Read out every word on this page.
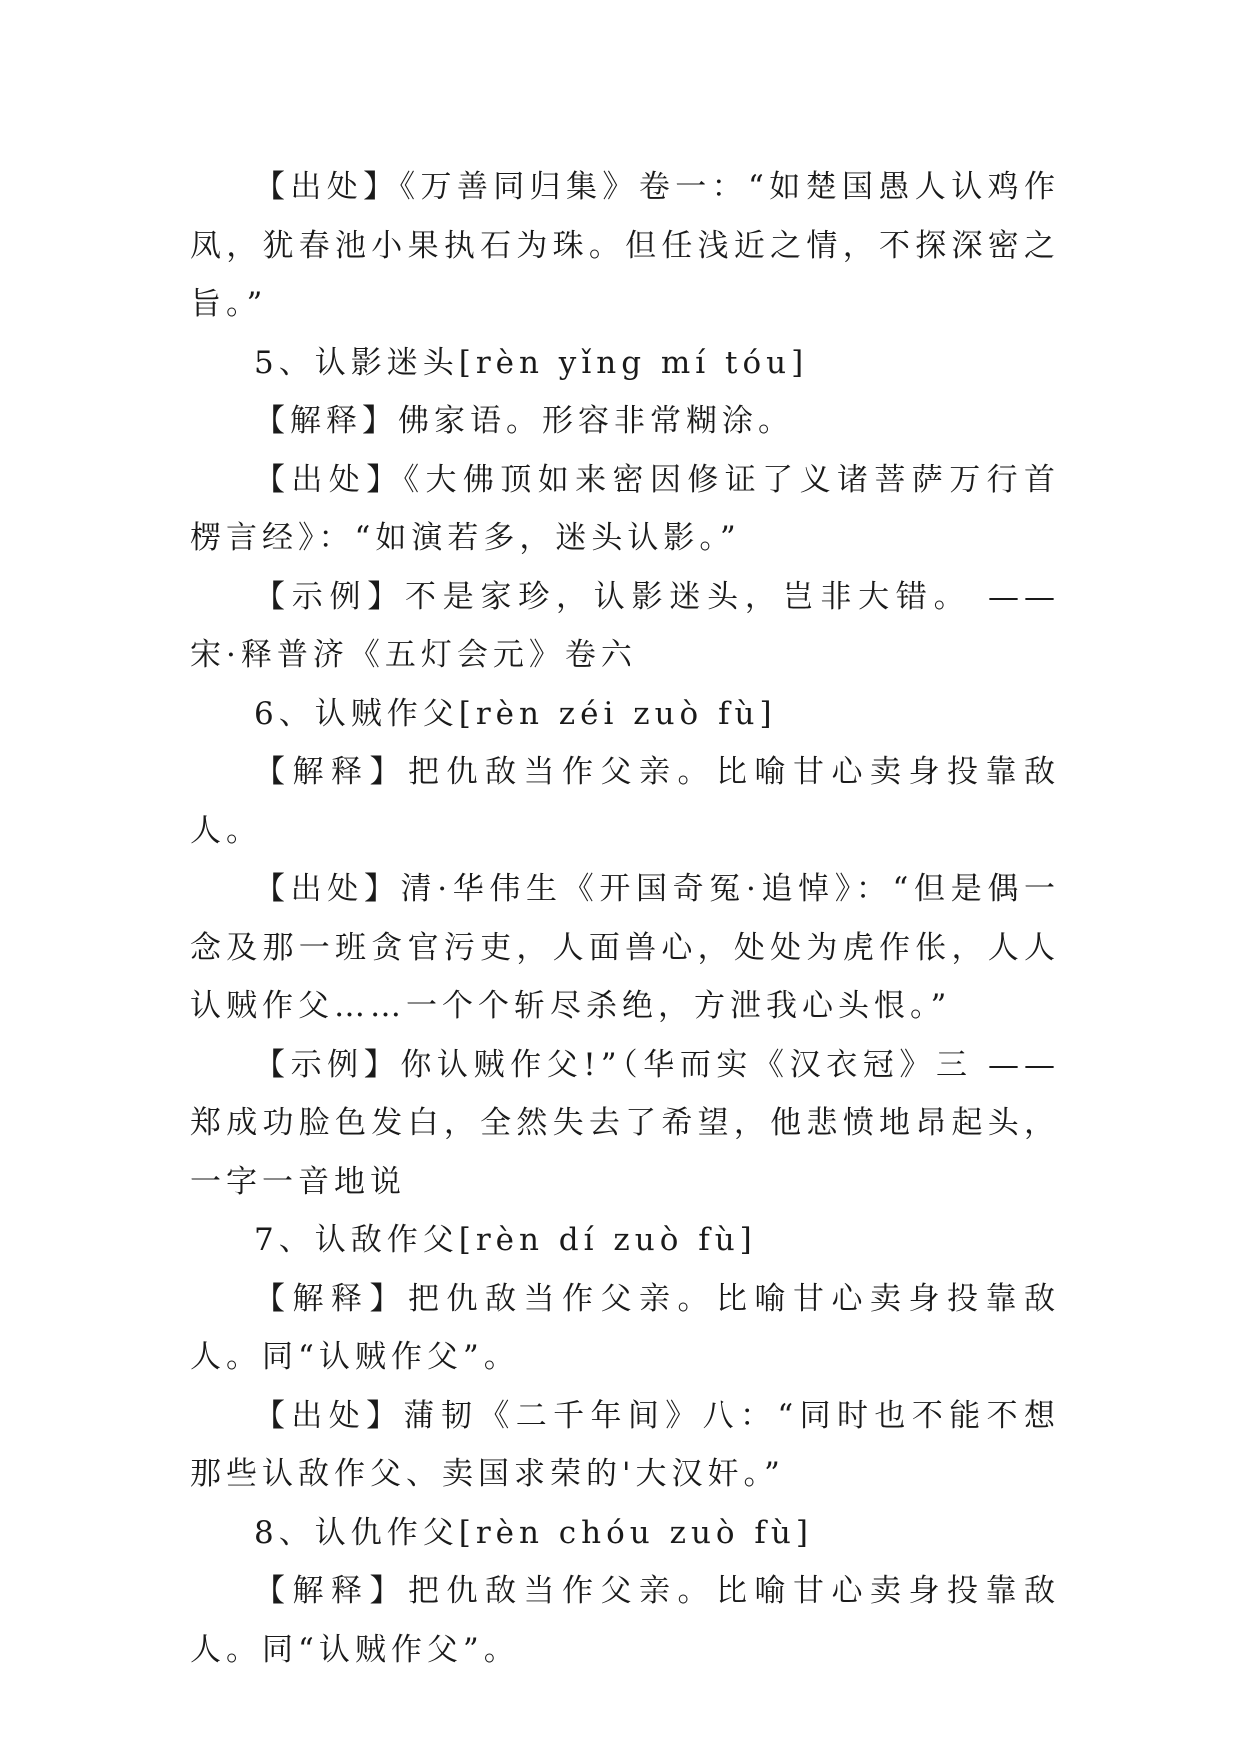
【出处】《万善同归集》卷一：“如楚国愚人认鸡作凤，犹春池小果执石为珠。但任浅近之情，不探深密之旨。”

5、认影迷头[rèn yǐng mí tóu]

【解释】佛家语。形容非常糊涂。

【出处】《大佛顶如来密因修证了义诸菩萨万行首楞言经》：“如演若多，迷头认影。”

【示例】不是家珍，认影迷头，岂非大错。 ——宋·释普济《五灯会元》卷六

6、认贼作父[rèn zéi zuò fù]

【解释】把仇敌当作父亲。比喻甘心卖身投靠敌人。

【出处】清·华伟生《开国奇冤·追悼》：“但是偶一念及那一班贪官污吏，人面兽心，处处为虎作伥，人人认贼作父……一个个斩尽杀绝，方泄我心头恨。”

【示例】你认贼作父!”（华而实《汉衣冠》三 ——郑成功脸色发白，全然失去了希望，他悲愤地昂起头，一字一音地说

7、认敌作父[rèn dí zuò fù]

【解释】把仇敌当作父亲。比喻甘心卖身投靠敌人。同“认贼作父”。

【出处】蒲韧《二千年间》八：“同时也不能不想那些认敌作父、卖国求荣的'大汉奸。”

8、认仇作父[rèn chóu zuò fù]

【解释】把仇敌当作父亲。比喻甘心卖身投靠敌人。同“认贼作父”。
